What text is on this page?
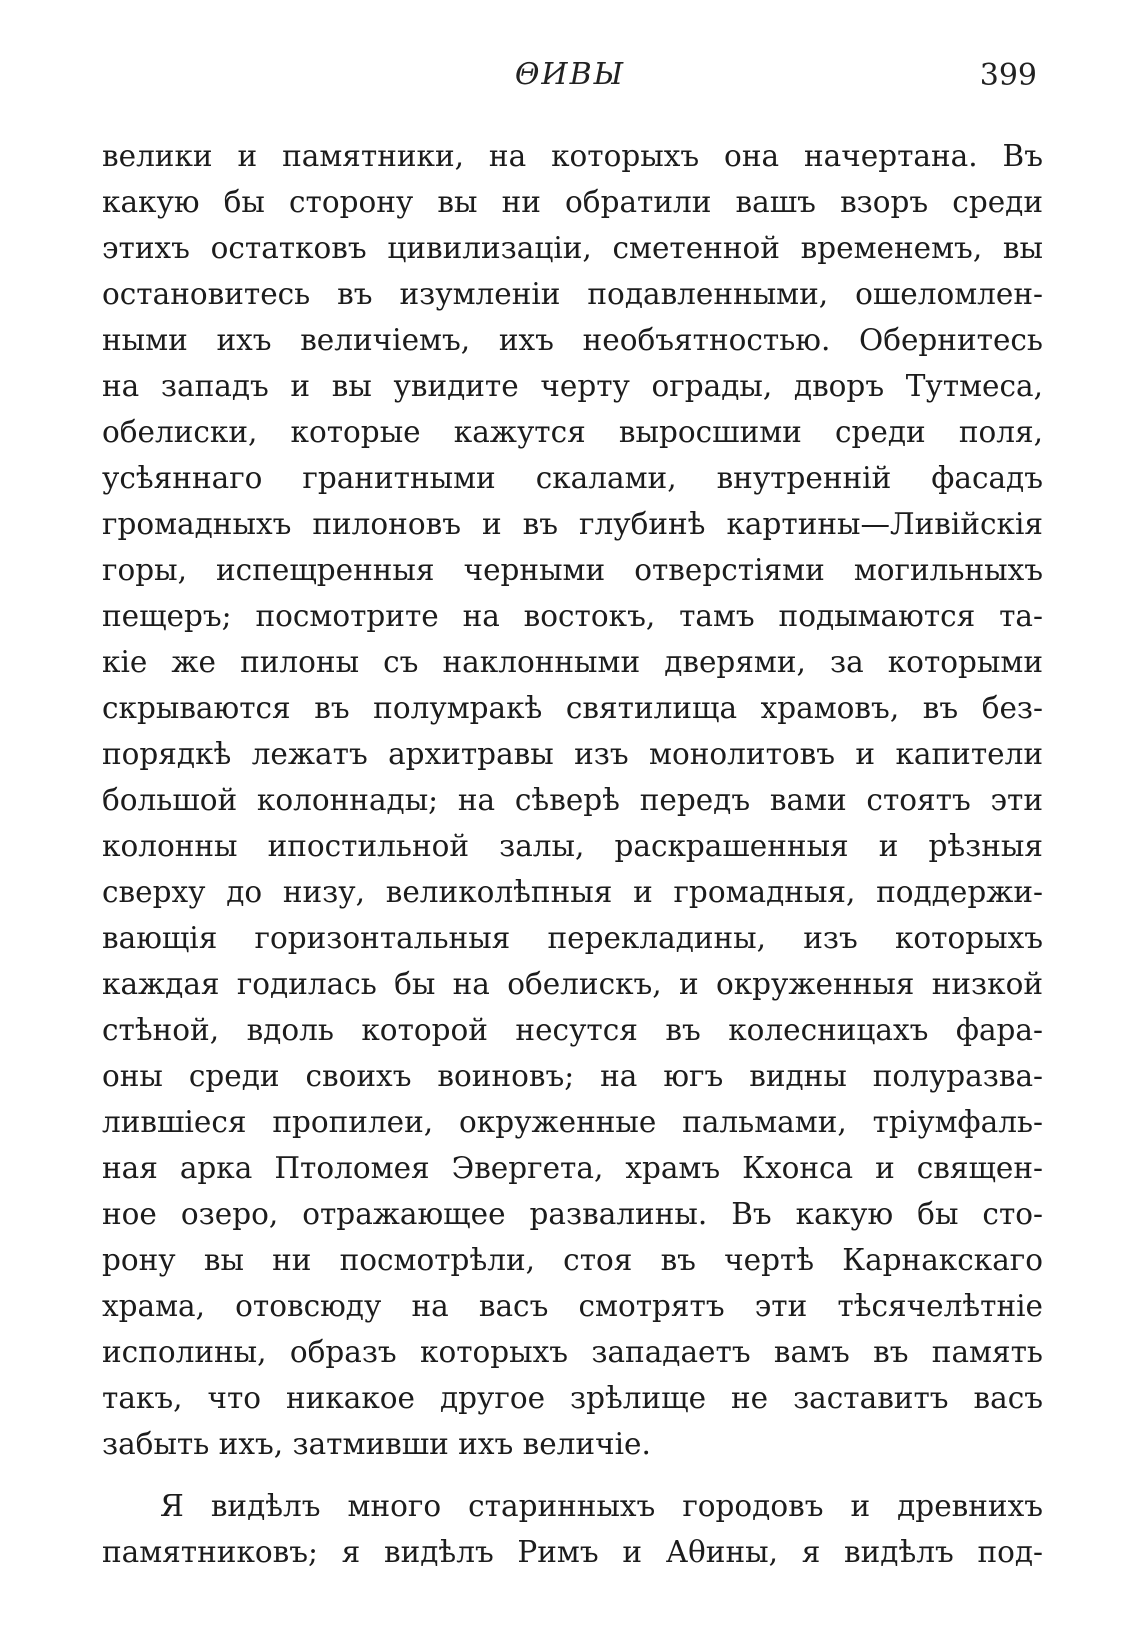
ΘИВЫ	399
велики и памятники, на которыхъ она начертана. Въ
какую бы сторону вы ни обратили вашъ взоръ среди
этихъ остатковъ цивилизацiи, сметенной временемъ, вы
остановитесь въ изумленiи подавленными, ошеломлен-
ными ихъ величiемъ, ихъ необъятностью. Обернитесь
на западъ и вы увидите черту ограды, дворъ Тутмеса,
обелиски, которые кажутся выросшими среди поля,
усѣяннаго гранитными скалами, внутреннiй фасадъ
громадныхъ пилоновъ и въ глубинѣ картины—Ливiйскiя
горы, испещренныя черными отверстiями могильныхъ
пещеръ; посмотрите на востокъ, тамъ подымаются та-
кiе же пилоны съ наклонными дверями, за которыми
скрываются въ полумракѣ святилища храмовъ, въ без-
порядкѣ лежатъ архитравы изъ монолитовъ и капители
большой колоннады; на сѣверѣ передъ вами стоятъ эти
колонны ипостильной залы, раскрашенныя и рѣзныя
сверху до низу, великолѣпныя и громадныя, поддержи-
вающiя горизонтальныя перекладины, изъ которыхъ
каждая годилась бы на обелискъ, и окруженныя низкой
стѣной, вдоль которой несутся въ колесницахъ фара-
оны среди своихъ воиновъ; на югъ видны полуразва-
лившiеся пропилеи, окруженные пальмами, трiумфаль-
ная арка Птоломея Эвергета, храмъ Кхонса и священ-
ное озеро, отражающее развалины. Въ какую бы сто-
рону вы ни посмотрѣли, стоя въ чертѣ Карнакскаго
храма, отовсюду на васъ смотрятъ эти тѣсячелѣтнiе
исполины, образъ которыхъ западаетъ вамъ въ память
такъ, что никакое другое зрѣлище не заставитъ васъ
забыть ихъ, затмивши ихъ величiе.
Я видѣлъ много старинныхъ городовъ и древнихъ
памятниковъ; я видѣлъ Римъ и Аθины, я видѣлъ под-
